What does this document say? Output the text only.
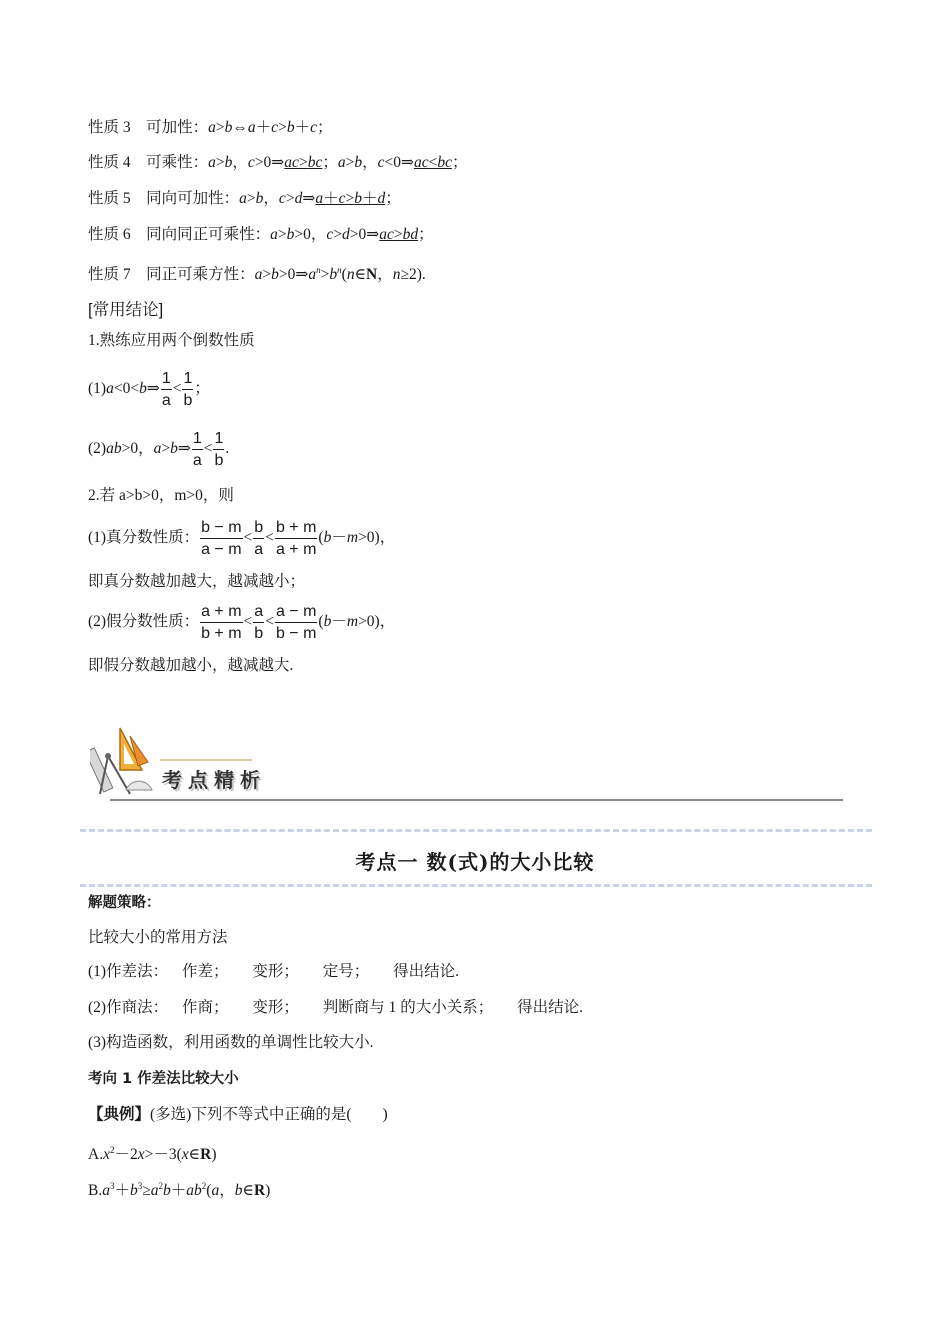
性质 3 可加性：a>b⇔a＋c>b＋c；
性质 4 可乘性：a>b，c>0⇒ac>bc；a>b，c<0⇒ac<bc；
性质 5 同向可加性：a>b，c>d⇒a＋c>b＋d；
性质 6 同向同正可乘性：a>b>0，c>d>0⇒ac>bd；
性质 7 同正可乘方性：$a>b>0\Rightarrow a^n>b^n(n\in N$，n≥2).
[常用结论]
1.熟练应用两个倒数性质
(1)a<0<b⇒ $\frac{1}{a} < \frac{1}{b}$ ；
(2)ab>0，a>b⇒ $\frac{1}{a} < \frac{1}{b}$ .
2.若 a>b>0，m>0，则
(1)真分数性质： $\frac{b - m}{a - m} < \frac{b}{a} < \frac{b + m}{a + m} (b-m>0)$，
即真分数越加越大，越减越小；
(2)假分数性质： $\frac{a + m}{b + m} < \frac{a}{b} < \frac{a - m}{b - m} (b-m>0)$，
即假分数越加越小，越减越大.
考点精析
考点一 数(式)的大小比较
解题策略：
比较大小的常用方法
(1)作差法： 作差； 变形； 定号； 得出结论.
(2)作商法： 作商； 变形； 判断商与 1 的大小关系； 得出结论.
(3)构造函数，利用函数的单调性比较大小.
考向 1 作差法比较大小
【典例】(多选)下列不等式中正确的是(　　)
$A.x^2-2x>-3(x\in R)$
$B.a^3+b^3\ge a^2b+ab^2(a$，b∈R)
